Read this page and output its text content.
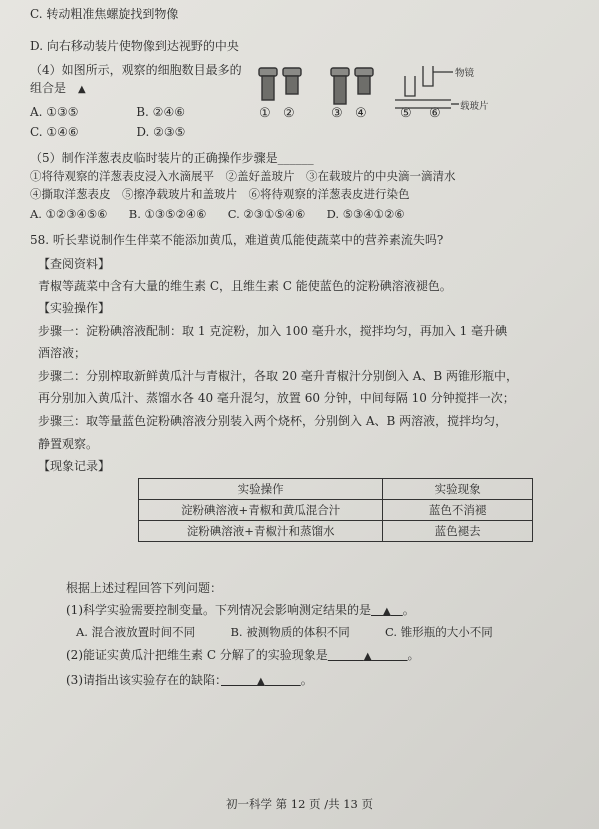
C. 转动粗准焦螺旋找到物像
D. 向右移动装片使物像到达视野的中央
（4）如图所示，观察的细胞数目最多的
组合是　 ▲
A. ①③⑤	B. ②④⑥
C. ①④⑥	D. ②③⑤
物镜
载玻片
① ②	③ ④	⑤ ⑥
（5）制作洋葱表皮临时装片的正确操作步骤是______
①将待观察的洋葱表皮浸入水滴展平　②盖好盖玻片　③在载玻片的中央滴一滴清水
④撕取洋葱表皮　⑤擦净载玻片和盖玻片　⑥将待观察的洋葱表皮进行染色
A. ①②③④⑤⑥ B. ①③⑤②④⑥ C. ②③①⑤④⑥ D. ⑤③④①②⑥
58. 听长辈说制作生伴菜不能添加黄瓜，难道黄瓜能使蔬菜中的营养素流失吗?
【查阅资料】
青椒等蔬菜中含有大量的维生素 C，且维生素 C 能使蓝色的淀粉碘溶液褪色。
【实验操作】
步骤一：淀粉碘溶液配制：取 1 克淀粉，加入 100 毫升水，搅拌均匀，再加入 1 毫升碘
酒溶液；
步骤二：分别榨取新鲜黄瓜汁与青椒汁，各取 20 毫升青椒汁分别倒入 A、B 两锥形瓶中，
再分别加入黄瓜汁、蒸馏水各 40 毫升混匀，放置 60 分钟，中间每隔 10 分钟搅拌一次；
步骤三：取等量蓝色淀粉碘溶液分别装入两个烧杯，分别倒入 A、B 两溶液，搅拌均匀，
静置观察。
【现象记录】
实验操作	实验现象
淀粉碘溶液+青椒和黄瓜混合汁	蓝色不消褪
淀粉碘溶液+青椒汁和蒸馏水	蓝色褪去
根据上述过程回答下列问题：
(1)科学实验需要控制变量。下列情况会影响测定结果的是　 ▲　 。
A. 混合液放置时间不同	B. 被测物质的体积不同	C. 锥形瓶的大小不同
(2)能证实黄瓜汁把维生素 C 分解了的实验现象是　　　	▲　　　	。
(3)请指出该实验存在的缺陷：　　　	▲　　　	。
初一科学 第 12 页 /共 13 页
